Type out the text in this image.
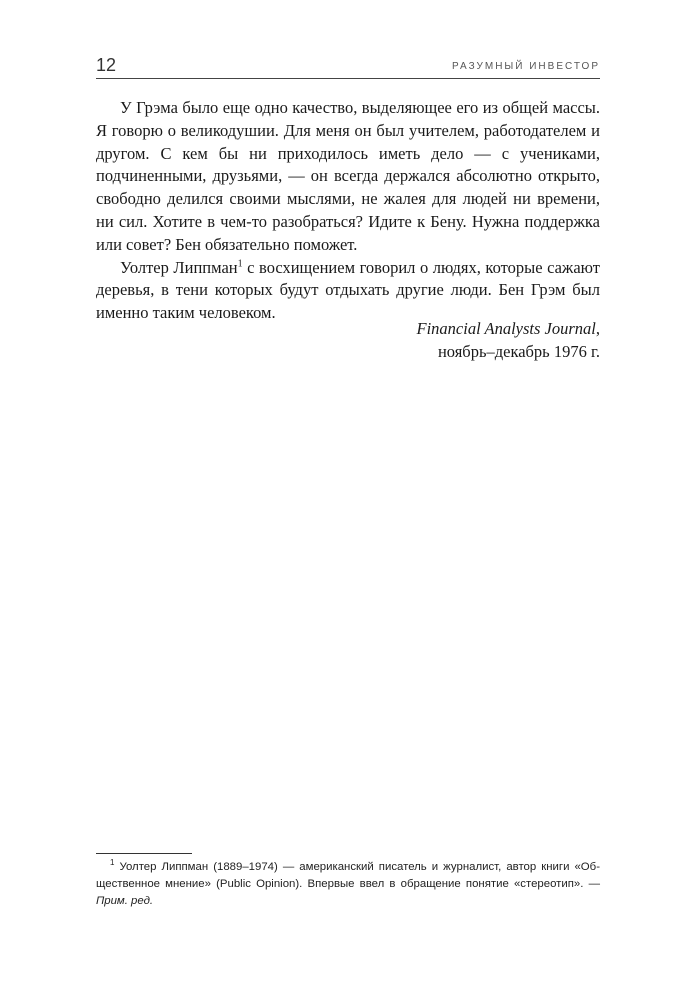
12	РАЗУМНЫЙ ИНВЕСТОР

У Грэма было еще одно качество, выделяющее его из общей массы. Я говорю о великодушии. Для меня он был учителем, работодателем и другом. С кем бы ни приходилось иметь дело — с учениками, подчиненными, друзьями, — он всегда держался абсолютно открыто, свободно делился своими мыслями, не жалея для людей ни времени, ни сил. Хотите в чем-то разобраться? Идите к Бену. Нужна поддержка или совет? Бен обязательно поможет.

Уолтер Липпман$^1$ с восхищением говорил о людях, которые сажают деревья, в тени которых будут отдыхать другие люди. Бен Грэм был именно таким человеком.

Financial Analysts Journal,
ноябрь–декабрь 1976 г.

$^1$ Уолтер Липпман (1889–1974) — американский писатель и журналист, автор книги «Общественное мнение» (Public Opinion). Впервые ввел в обращение понятие «стереотип». — Прим. ред.
